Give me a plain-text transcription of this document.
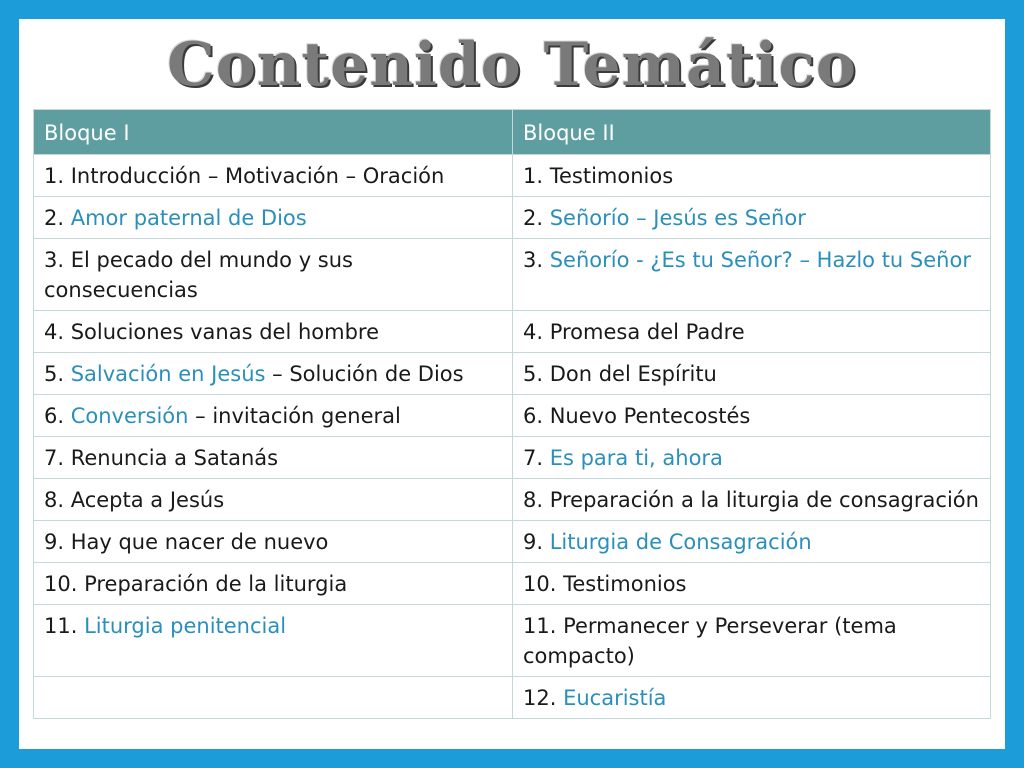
Contenido Temático
Bloque I	Bloque II
1. Introducción – Motivación – Oración	1. Testimonios
2. Amor paternal de Dios	2. Señorío – Jesús es Señor
3. El pecado del mundo y sus consecuencias	3. Señorío - ¿Es tu Señor? – Hazlo tu Señor
4. Soluciones vanas del hombre	4. Promesa del Padre
5. Salvación en Jesús – Solución de Dios	5. Don del Espíritu
6. Conversión – invitación general	6. Nuevo Pentecostés
7. Renuncia a Satanás	7. Es para ti, ahora
8. Acepta a Jesús	8. Preparación a la liturgia de consagración
9. Hay que nacer de nuevo	9. Liturgia de Consagración
10. Preparación de la liturgia	10. Testimonios
11. Liturgia penitencial	11. Permanecer y Perseverar (tema compacto)
	12. Eucaristía
